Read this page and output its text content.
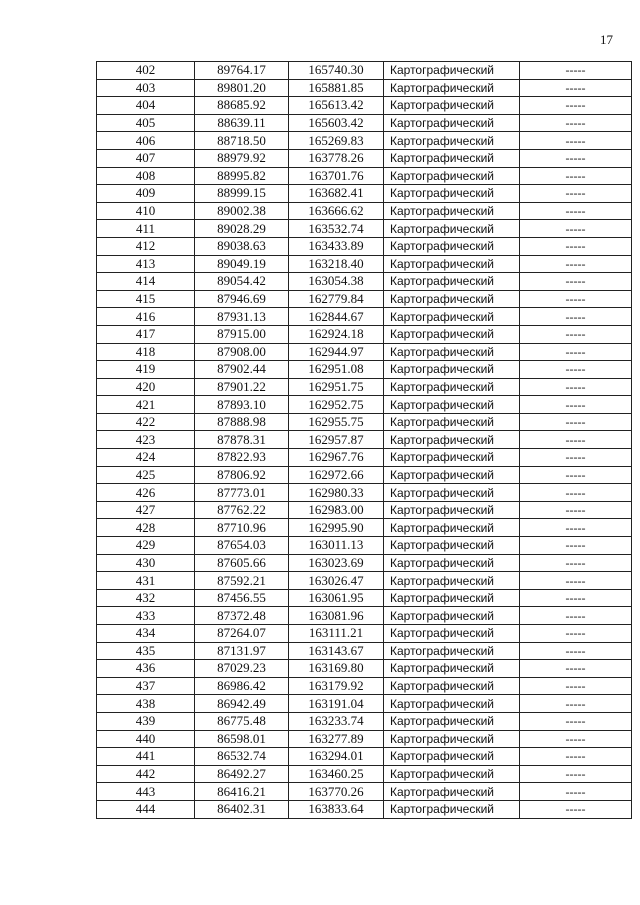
17
402	89764.17	165740.30	Картографический	-----
403	89801.20	165881.85	Картографический	-----
404	88685.92	165613.42	Картографический	-----
405	88639.11	165603.42	Картографический	-----
406	88718.50	165269.83	Картографический	-----
407	88979.92	163778.26	Картографический	-----
408	88995.82	163701.76	Картографический	-----
409	88999.15	163682.41	Картографический	-----
410	89002.38	163666.62	Картографический	-----
411	89028.29	163532.74	Картографический	-----
412	89038.63	163433.89	Картографический	-----
413	89049.19	163218.40	Картографический	-----
414	89054.42	163054.38	Картографический	-----
415	87946.69	162779.84	Картографический	-----
416	87931.13	162844.67	Картографический	-----
417	87915.00	162924.18	Картографический	-----
418	87908.00	162944.97	Картографический	-----
419	87902.44	162951.08	Картографический	-----
420	87901.22	162951.75	Картографический	-----
421	87893.10	162952.75	Картографический	-----
422	87888.98	162955.75	Картографический	-----
423	87878.31	162957.87	Картографический	-----
424	87822.93	162967.76	Картографический	-----
425	87806.92	162972.66	Картографический	-----
426	87773.01	162980.33	Картографический	-----
427	87762.22	162983.00	Картографический	-----
428	87710.96	162995.90	Картографический	-----
429	87654.03	163011.13	Картографический	-----
430	87605.66	163023.69	Картографический	-----
431	87592.21	163026.47	Картографический	-----
432	87456.55	163061.95	Картографический	-----
433	87372.48	163081.96	Картографический	-----
434	87264.07	163111.21	Картографический	-----
435	87131.97	163143.67	Картографический	-----
436	87029.23	163169.80	Картографический	-----
437	86986.42	163179.92	Картографический	-----
438	86942.49	163191.04	Картографический	-----
439	86775.48	163233.74	Картографический	-----
440	86598.01	163277.89	Картографический	-----
441	86532.74	163294.01	Картографический	-----
442	86492.27	163460.25	Картографический	-----
443	86416.21	163770.26	Картографический	-----
444	86402.31	163833.64	Картографический	-----
